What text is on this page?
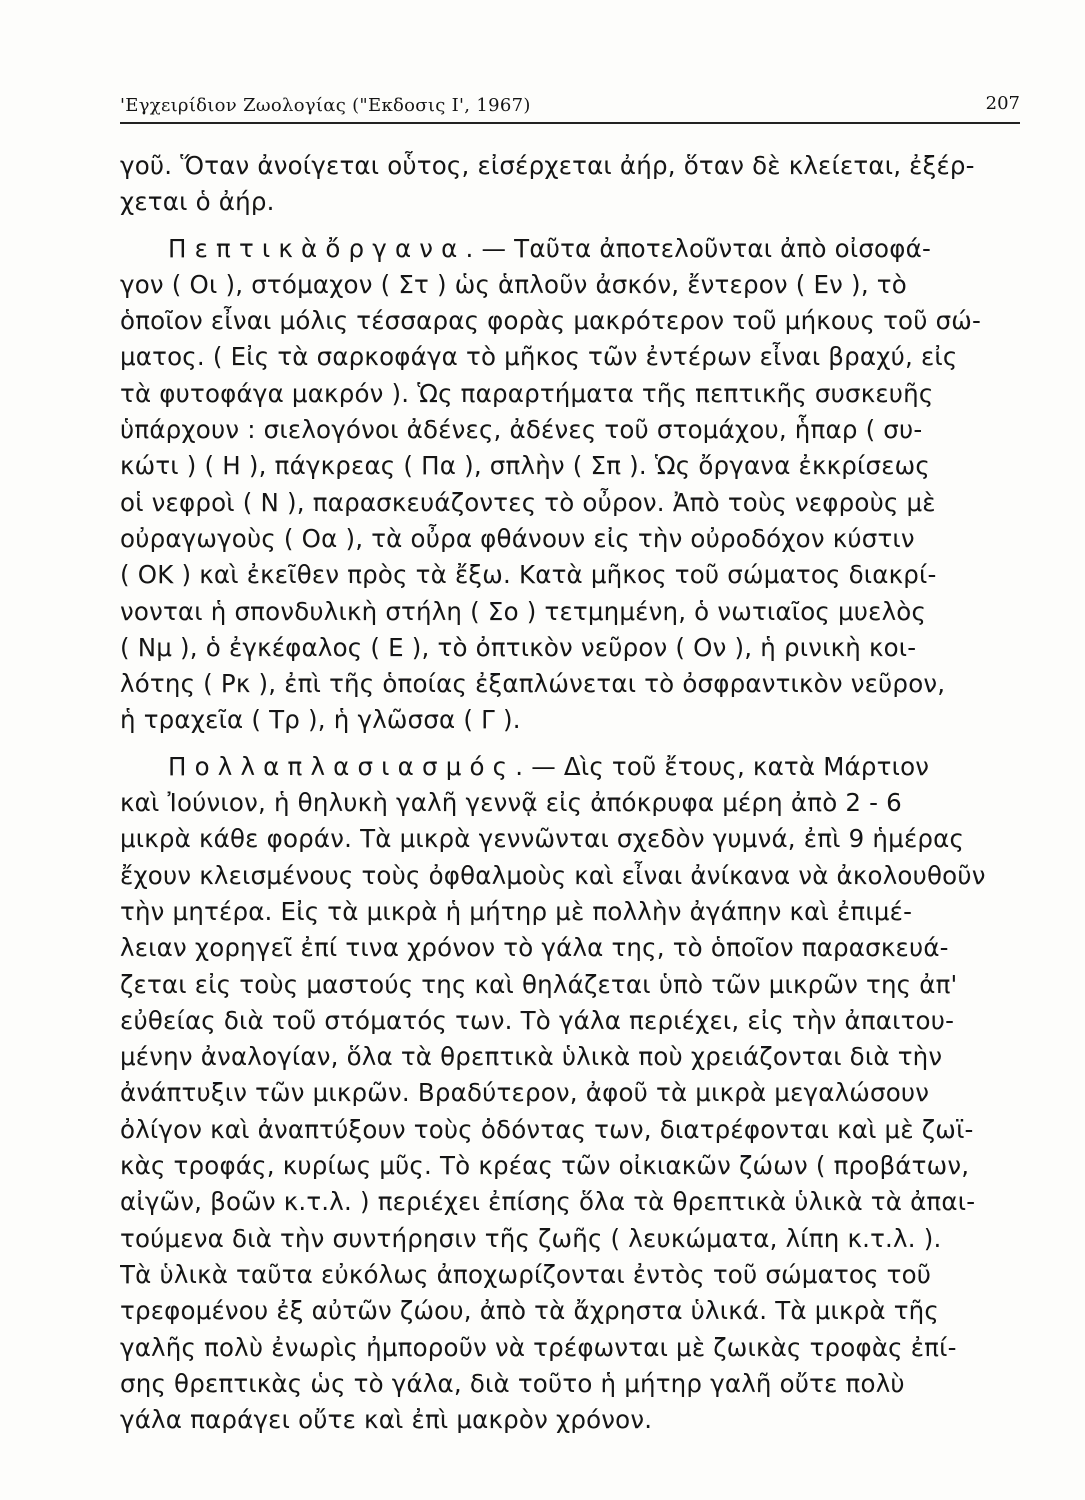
'Εγχειρίδιον Ζωολογίας ("Εκδοσις Ι', 1967)	207
γοῦ. Ὅταν ἀνοίγεται οὗτος, εἰσέρχεται ἀήρ, ὅταν δὲ κλείεται, ἐξέρ-
χεται ὁ ἀήρ.
Π ε π τ ι κ ὰ ὄ ρ γ α ν α . — Ταῦτα ἀποτελοῦνται ἀπὸ οἰσοφά-
γον ( Οι ), στόμαχον ( Στ ) ὡς ἁπλοῦν ἀσκόν, ἔντερον ( Εν ), τὸ
ὁποῖον εἶναι μόλις τέσσαρας φορὰς μακρότερον τοῦ μήκους τοῦ σώ-
ματος. ( Εἰς τὰ σαρκοφάγα τὸ μῆκος τῶν ἐντέρων εἶναι βραχύ, εἰς
τὰ φυτοφάγα μακρόν ). Ὡς παραρτήματα τῆς πεπτικῆς συσκευῆς
ὑπάρχουν : σιελογόνοι ἀδένες, ἀδένες τοῦ στομάχου, ἧπαρ ( συ-
κώτι ) ( Η ), πάγκρεας ( Πα ), σπλὴν ( Σπ ). Ὡς ὄργανα ἐκκρίσεως
οἱ νεφροὶ ( Ν ), παρασκευάζοντες τὸ οὖρον. Ἀπὸ τοὺς νεφροὺς μὲ
οὐραγωγοὺς ( Οα ), τὰ οὖρα φθάνουν εἰς τὴν οὐροδόχον κύστιν
( ΟΚ ) καὶ ἐκεῖθεν πρὸς τὰ ἔξω. Κατὰ μῆκος τοῦ σώματος διακρί-
νονται ἡ σπονδυλικὴ στήλη ( Σο ) τετμημένη, ὁ νωτιαῖος μυελὸς
( Νμ ), ὁ ἐγκέφαλος ( Ε ), τὸ ὀπτικὸν νεῦρον ( Ον ), ἡ ρινικὴ κοι-
λότης ( Ρκ ), ἐπὶ τῆς ὁποίας ἐξαπλώνεται τὸ ὀσφραντικὸν νεῦρον,
ἡ τραχεῖα ( Τρ ), ἡ γλῶσσα ( Γ ).
Π ο λ λ α π λ α σ ι α σ μ ό ς . — Δὶς τοῦ ἔτους, κατὰ Μάρτιον
καὶ Ἰούνιον, ἡ θηλυκὴ γαλῆ γεννᾷ εἰς ἀπόκρυφα μέρη ἀπὸ 2 - 6
μικρὰ κάθε φοράν. Τὰ μικρὰ γεννῶνται σχεδὸν γυμνά, ἐπὶ 9 ἡμέρας
ἔχουν κλεισμένους τοὺς ὀφθαλμοὺς καὶ εἶναι ἀνίκανα νὰ ἀκολουθοῦν
τὴν μητέρα. Εἰς τὰ μικρὰ ἡ μήτηρ μὲ πολλὴν ἀγάπην καὶ ἐπιμέ-
λειαν χορηγεῖ ἐπί τινα χρόνον τὸ γάλα της, τὸ ὁποῖον παρασκευά-
ζεται εἰς τοὺς μαστούς της καὶ θηλάζεται ὑπὸ τῶν μικρῶν της ἀπ'
εὐθείας διὰ τοῦ στόματός των. Τὸ γάλα περιέχει, εἰς τὴν ἀπαιτου-
μένην ἀναλογίαν, ὅλα τὰ θρεπτικὰ ὑλικὰ ποὺ χρειάζονται διὰ τὴν
ἀνάπτυξιν τῶν μικρῶν. Βραδύτερον, ἀφοῦ τὰ μικρὰ μεγαλώσουν
ὀλίγον καὶ ἀναπτύξουν τοὺς ὀδόντας των, διατρέφονται καὶ μὲ ζωϊ-
κὰς τροφάς, κυρίως μῦς. Τὸ κρέας τῶν οἰκιακῶν ζώων ( προβάτων,
αἰγῶν, βοῶν κ.τ.λ. ) περιέχει ἐπίσης ὅλα τὰ θρεπτικὰ ὑλικὰ τὰ ἀπαι-
τούμενα διὰ τὴν συντήρησιν τῆς ζωῆς ( λευκώματα, λίπη κ.τ.λ. ).
Τὰ ὑλικὰ ταῦτα εὐκόλως ἀποχωρίζονται ἐντὸς τοῦ σώματος τοῦ
τρεφομένου ἐξ αὐτῶν ζώου, ἀπὸ τὰ ἄχρηστα ὑλικά. Τὰ μικρὰ τῆς
γαλῆς πολὺ ἐνωρὶς ἠμποροῦν νὰ τρέφωνται μὲ ζωικὰς τροφὰς ἐπί-
σης θρεπτικὰς ὡς τὸ γάλα, διὰ τοῦτο ἡ μήτηρ γαλῆ οὔτε πολὺ
γάλα παράγει οὔτε καὶ ἐπὶ μακρὸν χρόνον.
